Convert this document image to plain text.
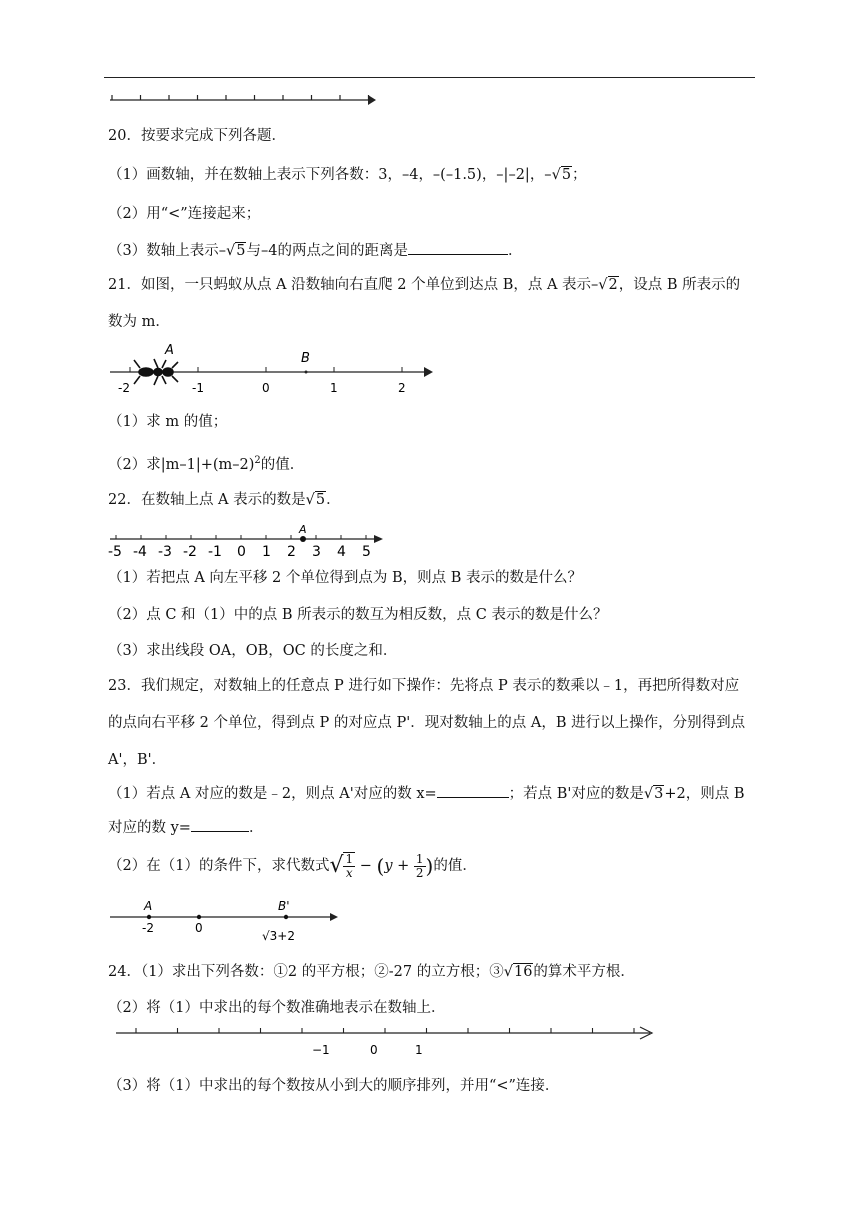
20．按要求完成下列各题．
（1）画数轴，并在数轴上表示下列各数：3，–4，–(–1.5)，–|–2|，–√5；
（2）用“<”连接起来；
（3）数轴上表示–√5与–4的两点之间的距离是	．
21．如图，一只蚂蚁从点 A 沿数轴向右直爬 2 个单位到达点 B，点 A 表示–√2，设点 B 所表示的
数为 m．
A
B
-2	-1	0	1	2
（1）求 m 的值；
（2）求$|m-1|+(m-2)^2$的值．
22．在数轴上点 A 表示的数是√5．
-5 -4 -3 -2 -1 0 1 2 3 4 5
A
（1）若把点 A 向左平移 2 个单位得到点为 B，则点 B 表示的数是什么？
（2）点 C 和（1）中的点 B 所表示的数互为相反数，点 C 表示的数是什么？
（3）求出线段 OA，OB，OC 的长度之和．
23．我们规定，对数轴上的任意点 P 进行如下操作：先将点 P 表示的数乘以﹣1，再把所得数对应
的点向右平移 2 个单位，得到点 P 的对应点 P'．现对数轴上的点 A，B 进行以上操作，分别得到点
A'，B'．
（1）若点 A 对应的数是﹣2，则点 A'对应的数 x=	；若点 B'对应的数是√3+2，则点 B
对应的数 y=	．
（2）在（1）的条件下，求代数式√ $\frac{1}{x} - (y + \frac{1}{2}$ )的值．
A	B'
-2	0
√3+2
24．（1）求出下列各数：①2 的平方根；②-27 的立方根；③√16的算术平方根．
（2）将（1）中求出的每个数准确地表示在数轴上．
−1	0	1
（3）将（1）中求出的每个数按从小到大的顺序排列，并用“<”连接．
